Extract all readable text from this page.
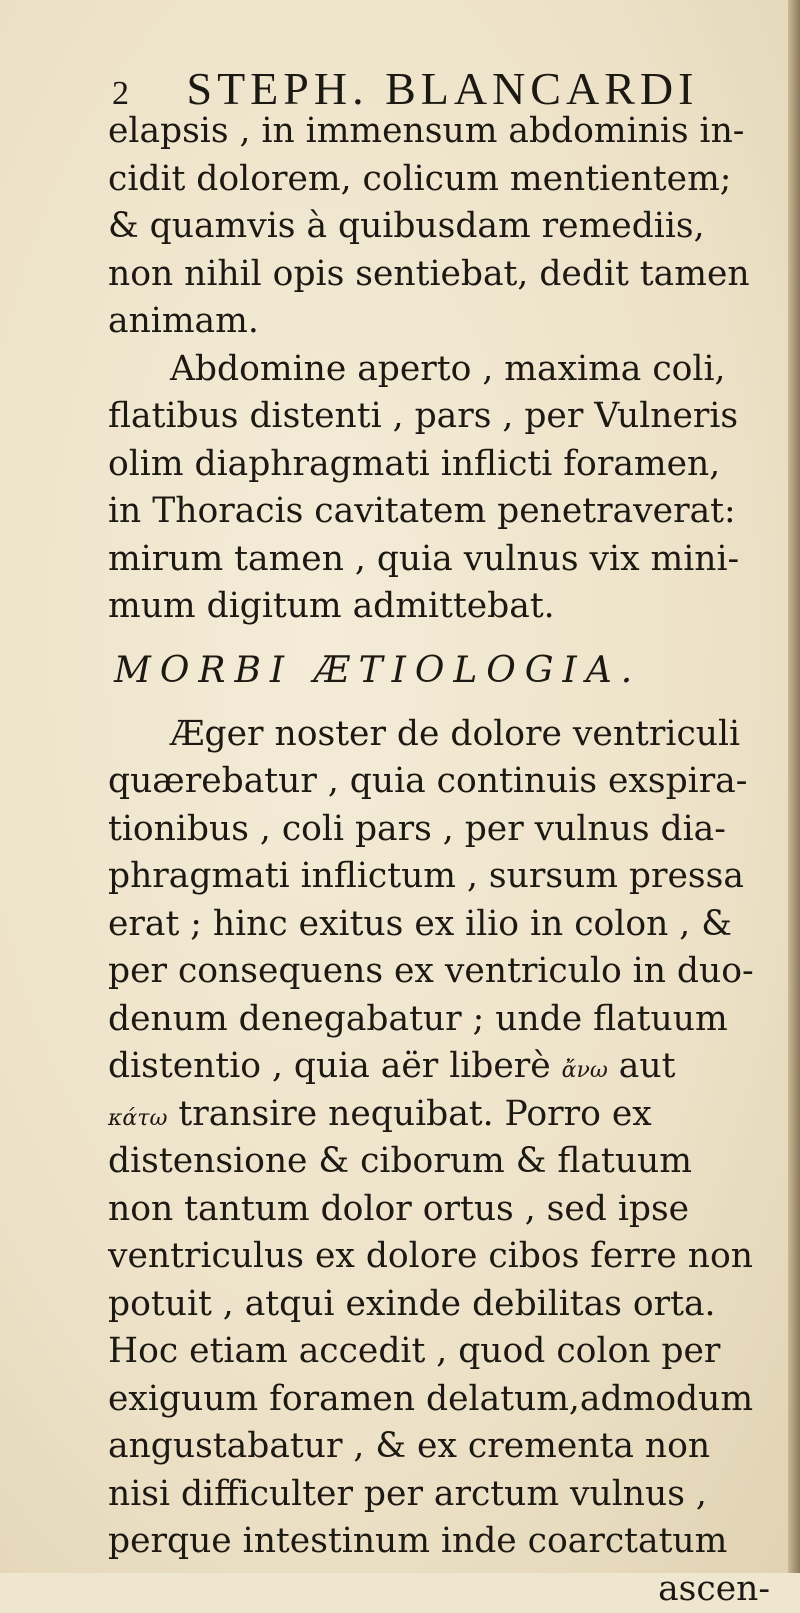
2 STEPH. BLANCARDI
elapsis , in immensum abdominis in-
cidit dolorem, colicum mentientem;
& quamvis à quibusdam remediis,
non nihil opis sentiebat, dedit tamen
animam.
Abdomine aperto , maxima coli,
flatibus distenti , pars , per Vulneris
olim diaphragmati inflicti foramen,
in Thoracis cavitatem penetraverat:
mirum tamen , quia vulnus vix mini-
mum digitum admittebat.
MORBI ÆTIOLOGIA.
Æger noster de dolore ventriculi
quærebatur , quia continuis exspira-
tionibus , coli pars , per vulnus dia-
phragmati inflictum , sursum pressa
erat ; hinc exitus ex ilio in colon , &
per consequens ex ventriculo in duo-
denum denegabatur ; unde flatuum
distentio , quia aër liberè ἄνω aut
κάτω transire nequibat. Porro ex
distensione & ciborum & flatuum
non tantum dolor ortus , sed ipse
ventriculus ex dolore cibos ferre non
potuit , atqui exinde debilitas orta.
Hoc etiam accedit , quod colon per
exiguum foramen delatum,admodum
angustabatur , & ex crementa non
nisi difficulter per arctum vulnus ,
perque intestinum inde coarctatum
ascen-
